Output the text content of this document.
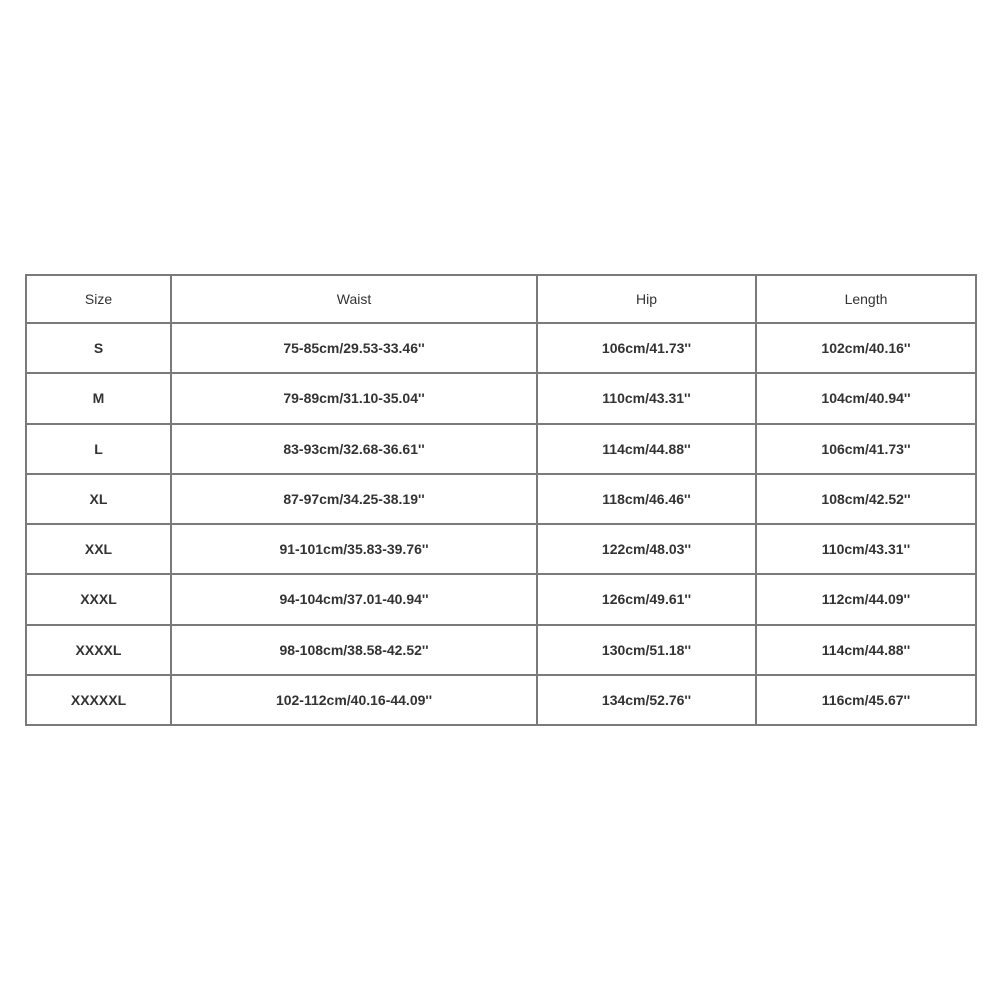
Size	Waist	Hip	Length
S	75-85cm/29.53-33.46''	106cm/41.73''	102cm/40.16''
M	79-89cm/31.10-35.04''	110cm/43.31''	104cm/40.94''
L	83-93cm/32.68-36.61''	114cm/44.88''	106cm/41.73''
XL	87-97cm/34.25-38.19''	118cm/46.46''	108cm/42.52''
XXL	91-101cm/35.83-39.76''	122cm/48.03''	110cm/43.31''
XXXL	94-104cm/37.01-40.94''	126cm/49.61''	112cm/44.09''
XXXXL	98-108cm/38.58-42.52''	130cm/51.18''	114cm/44.88''
XXXXXL	102-112cm/40.16-44.09''	134cm/52.76''	116cm/45.67''
